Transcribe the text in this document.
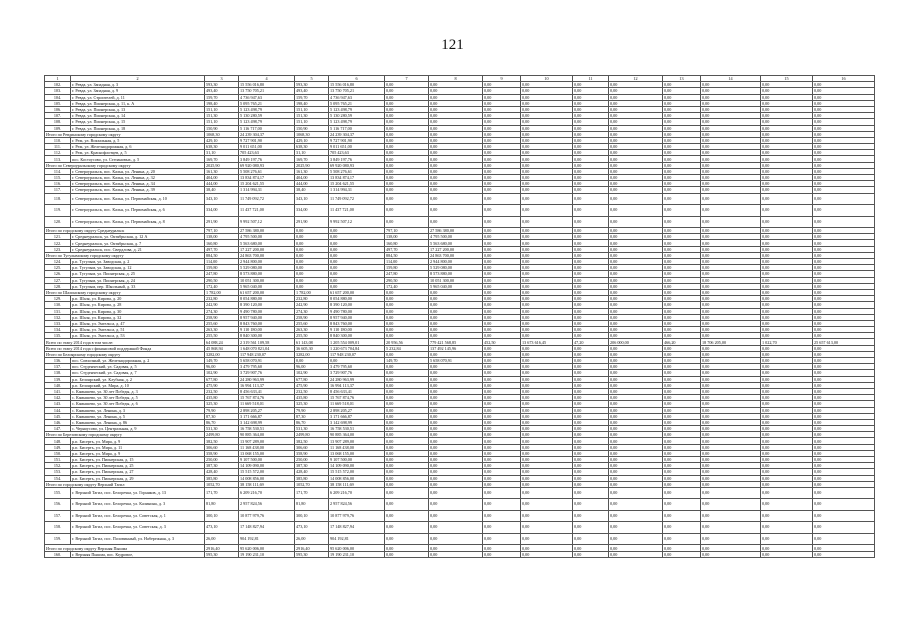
121
1	2	3	4	5	6	7	8	9	10	11	12	13	14	15	16
102.	г. Ревда, ул. Западная, д. 3	593,30	15 556 016,80	593,30	15 556 016,80	0,00	0,00	0,00	0,00	0,00	0,00	0,00	0,00	0,00	0,00
103.	г. Ревда, ул. Западная, д. 9	493,40	13 750 705,21	493,40	13 750 705,21	0,00	0,00	0,00	0,00	0,00	0,00	0,00	0,00	0,00	0,00
104.	г. Ревда, ул. Строителей, д. 11	159,70	4 736 947,63	159,70	4 736 947,63	0,00	0,00	0,00	0,00	0,00	0,00	0,00	0,00	0,00	0,00
105.	г. Ревда, ул. Пионерская, д. 11, к. А	198,40	5 095 765,21	198,40	5 095 765,21	0,00	0,00	0,00	0,00	0,00	0,00	0,00	0,00	0,00	0,00
106.	г. Ревда, ул. Пионерская, д. 13	151,10	5 123 498,79	151,10	5 123 498,79	0,00	0,00	0,00	0,00	0,00	0,00	0,00	0,00	0,00	0,00
107.	г. Ревда, ул. Пионерская, д. 14	151,30	5 130 280,59	151,30	5 130 280,59	0,00	0,00	0,00	0,00	0,00	0,00	0,00	0,00	0,00	0,00
108.	г. Ревда, ул. Пионерская, д. 15	151,10	5 123 498,79	151,10	5 123 498,79	0,00	0,00	0,00	0,00	0,00	0,00	0,00	0,00	0,00	0,00
109.	г. Ревда, ул. Пионерская, д. 18	150,90	5 116 717,00	150,90	5 116 717,00	0,00	0,00	0,00	0,00	0,00	0,00	0,00	0,00	0,00	0,00
Итого по Ревдинскому городскому округу		1068,30	24 239 304,37	1068,30	24 239 304,37	0,00	0,00	0,00	0,00	0,00	0,00	0,00	0,00	0,00	0,00
110.	г. Реж, ул. Вокзальная, д. 5	429,10	9 727 901,90	429,10	9 727 901,90	0,00	0,00	0,00	0,00	0,00	0,00	0,00	0,00	0,00	0,00
111.	г. Реж, ул. Железнодорожная, д. 6	638,30	9 011 651,00	638,30	9 011 651,00	0,00	0,00	0,00	0,00	0,00	0,00	0,00	0,00	0,00	0,00
112.	г. Реж, ул. Краснофлотцев, д. 5	31,10	705 423,63	31,10	705 423,63	0,00	0,00	0,00	0,00	0,00	0,00	0,00	0,00	0,00	0,00
113.	пос. Костоусово, ул. Степановых, д. 5	169,70	3 849 197,76	169,70	3 849 197,76	0,00	0,00	0,00	0,00	0,00	0,00	0,00	0,00	0,00	0,00
Итого по Североуральскому городскому округу		2025,90	69 920 080,93	2025,90	69 920 080,93	0,00	0,00	0,00	0,00	0,00	0,00	0,00	0,00	0,00	0,00
114.	г. Североуральск, пос. Калья, ул. Ленина, д. 20	161,30	5 508 276,61	161,30	5 508 276,61	0,00	0,00	0,00	0,00	0,00	0,00	0,00	0,00	0,00	0,00
115.	г. Североуральск, пос. Калья, ул. Ленина, д. 32	404,00	13 834 874,17	404,00	13 834 874,17	0,00	0,00	0,00	0,00	0,00	0,00	0,00	0,00	0,00	0,00
116.	г. Североуральск, пос. Калья, ул. Ленина, д. 34	444,00	15 204 621,55	444,00	15 204 621,55	0,00	0,00	0,00	0,00	0,00	0,00	0,00	0,00	0,00	0,00
117.	г. Североуральск, пос. Калья, ул. Ленина, д. 39	38,40	1 314 994,31	38,40	1 314 994,31	0,00	0,00	0,00	0,00	0,00	0,00	0,00	0,00	0,00	0,00
118.	г. Североуральск, пос. Калья, ул. Первомайская, д. 10	343,10	11 749 092,72	343,10	11 749 092,72	0,00	0,00	0,00	0,00	0,00	0,00	0,00	0,00	0,00	0,00
119.	г. Североуральск, пос. Калья, ул. Первомайская, д. 6	334,00	11 437 721,00	334,00	11 437 721,00	0,00	0,00	0,00	0,00	0,00	0,00	0,00	0,00	0,00	0,00
120.	г. Североуральск, пос. Калья, ул. Первомайская, д. 8	291,90	9 992 507,12	291,90	9 992 507,12	0,00	0,00	0,00	0,00	0,00	0,00	0,00	0,00	0,00	0,00
Итого по городскому округу Среднеуральск		797,10	27 586 380,00	0,00	0,00	797,10	27 586 380,00	0,00	0,00	0,00	0,00	0,00	0,00	0,00	0,00
121.	г. Среднеуральск, ул. Октябрьская, д. 12 А	138,00	4 795 500,00	0,00	0,00	138,00	4 795 500,00	0,00	0,00	0,00	0,00	0,00	0,00	0,00	0,00
122.	г. Среднеуральск, ул. Октябрьская, д. 7	160,80	5 563 680,00	0,00	0,00	160,80	5 563 680,00	0,00	0,00	0,00	0,00	0,00	0,00	0,00	0,00
123.	г. Среднеуральск, пос. Свердлова, д. 21	497,70	17 227 200,00	0,00	0,00	497,70	17 227 200,00	0,00	0,00	0,00	0,00	0,00	0,00	0,00	0,00
Итого по Тугулымскому городскому округу		884,50	24 863 700,00	0,00	0,00	884,50	24 863 700,00	0,00	0,00	0,00	0,00	0,00	0,00	0,00	0,00
124.	р.п. Тугулым, ул. Заводская, д. 2	114,00	2 944 800,00	0,00	0,00	114,00	2 944 800,00	0,00	0,00	0,00	0,00	0,00	0,00	0,00	0,00
125.	р.п. Тугулым, ул. Заводская, д. 12	159,80	5 529 080,00	0,00	0,00	159,80	5 529 080,00	0,00	0,00	0,00	0,00	0,00	0,00	0,00	0,00
126.	р.п. Тугулым, ул. Пионерская, д. 25	247,80	8 573 880,00	0,00	0,00	247,80	8 573 880,00	0,00	0,00	0,00	0,00	0,00	0,00	0,00	0,00
127.	р.п. Тугулым, ул. Пионерская, д. 24	290,50	10 051 300,00	0,00	0,00	290,50	10 051 300,00	0,00	0,00	0,00	0,00	0,00	0,00	0,00	0,00
128.	р.п. Тугулым, пер. Школьный, д. 33	172,40	5 965 040,00	0,00	0,00	172,40	5 965 040,00	0,00	0,00	0,00	0,00	0,00	0,00	0,00	0,00
Итого по Шалинскому городскому округу		1 782,00	61 657 200,00	1 782,00	61 657 200,00	0,00	0,00	0,00	0,00	0,00	0,00	0,00	0,00	0,00	0,00
129.	р.п. Шаля, ул. Кирова, д. 20	232,80	8 054 880,00	232,80	8 054 880,00	0,00	0,00	0,00	0,00	0,00	0,00	0,00	0,00	0,00	0,00
130.	р.п. Шаля, ул. Кирова, д. 28	242,90	8 390 120,00	242,90	8 390 120,00	0,00	0,00	0,00	0,00	0,00	0,00	0,00	0,00	0,00	0,00
131.	р.п. Шаля, ул. Кирова, д. 30	274,30	9 490 780,00	274,30	9 490 780,00	0,00	0,00	0,00	0,00	0,00	0,00	0,00	0,00	0,00	0,00
132.	р.п. Шаля, ул. Кирова, д. 32	258,90	8 957 940,00	258,90	8 957 940,00	0,00	0,00	0,00	0,00	0,00	0,00	0,00	0,00	0,00	0,00
133.	р.п. Шаля, ул. Энгельса, д. 47	255,60	8 843 760,00	255,60	8 843 760,00	0,00	0,00	0,00	0,00	0,00	0,00	0,00	0,00	0,00	0,00
134.	р.п. Шаля, ул. Энгельса, д. 51	263,30	9 110 180,00	263,30	9 110 180,00	0,00	0,00	0,00	0,00	0,00	0,00	0,00	0,00	0,00	0,00
135.	р.п. Шаля, ул. Энгельса, д. 53	255,50	8 840 300,00	255,50	8 840 300,00	0,00	0,00	0,00	0,00	0,00	0,00	0,00	0,00	0,00	0,00
Всего по этапу 2014 года в том числе:		64 088,24	2 319 561 109,58	61 143,08	1 205 554 009,01	20 956,56	779 421 568,85	452,50	13 673 616,45	47,20	206 000,00	466,20	18 706 205,00	1 022,70	25 657 613,00
Всего по этапу 2014 года с финансовой поддержкой Фонда		45 868,94	1 648 070 821,04	36 605,30	1 220 673 704,84	5 232,84	137 492 145,96	0,00	0,00	0,00	0,00	0,00	0,00	0,00	0,00
Итого по Белоярскому городскому округу		3282,00	117 948 230,07	3282,00	117 948 230,07	0,00	0,00	0,00	0,00	0,00	0,00	0,00	0,00	0,00	0,00
136.	пос. Совхозный, ул. Железнодорожная, д. 2	149,70	5 658 070,91	0,00	0,00	149,70	5 658 070,91	0,00	0,00	0,00	0,00	0,00	0,00	0,00	0,00
137.	пос. Студенческий, ул. Садовая, д. 5	96,00	3 479 795,60	96,00	3 479 795,60	0,00	0,00	0,00	0,00	0,00	0,00	0,00	0,00	0,00	0,00
138.	пос. Студенческий, ул. Садовая, д. 7	102,90	3 729 907,76	102,90	3 729 907,76	0,00	0,00	0,00	0,00	0,00	0,00	0,00	0,00	0,00	0,00
139.	р.п. Белоярский, ул. Клубная, д. 2	677,80	24 280 963,99	677,80	24 280 963,99	0,00	0,00	0,00	0,00	0,00	0,00	0,00	0,00	0,00	0,00
140.	р.п. Белоярский, ул. Мира, д. 10	475,90	16 994 113,37	475,90	16 994 113,37	0,00	0,00	0,00	0,00	0,00	0,00	0,00	0,00	0,00	0,00
141.	с. Камышево, ул. 30 лет Победы, д. 3	232,50	8 456 633,41	232,50	8 456 633,41	0,00	0,00	0,00	0,00	0,00	0,00	0,00	0,00	0,00	0,00
142.	с. Камышево, ул. 30 лет Победы, д. 5	435,80	15 767 874,76	435,80	15 767 874,76	0,00	0,00	0,00	0,00	0,00	0,00	0,00	0,00	0,00	0,00
143.	с. Камышево, ул. 30 лет Победы, д. 6	325,30	11 669 518,01	325,30	11 669 518,01	0,00	0,00	0,00	0,00	0,00	0,00	0,00	0,00	0,00	0,00
144.	с. Камышево, ул. Ленина, д. 3	79,90	2 898 205,27	79,90	2 898 205,27	0,00	0,00	0,00	0,00	0,00	0,00	0,00	0,00	0,00	0,00
145.	с. Камышево, ул. Ленина, д. 5	87,30	3 171 666,87	87,30	3 171 666,87	0,00	0,00	0,00	0,00	0,00	0,00	0,00	0,00	0,00	0,00
146.	с. Камышево, ул. Ленина, д. 86	86,70	3 142 698,99	86,70	3 142 698,99	0,00	0,00	0,00	0,00	0,00	0,00	0,00	0,00	0,00	0,00
147.	с. Черноусово, ул. Центральная, д. 9	531,30	16 758 530,51	531,30	16 758 530,51	0,00	0,00	0,00	0,00	0,00	0,00	0,00	0,00	0,00	0,00
Итого по Березовскому городскому округу		2499,80	90 885 364,00	2499,80	90 885 364,00	0,00	0,00	0,00	0,00	0,00	0,00	0,00	0,00	0,00	0,00
148.	р.п. Бисерть, ул. Мира, д. 9	382,50	13 907 289,00	382,50	13 907 289,00	0,00	0,00	0,00	0,00	0,00	0,00	0,00	0,00	0,00	0,00
149.	р.п. Бисерть, ул. Мира, д. 11	306,60	11 168 438,00	306,60	11 168 438,00	0,00	0,00	0,00	0,00	0,00	0,00	0,00	0,00	0,00	0,00
150.	р.п. Бисерть, ул. Мира, д. 9	358,90	13 068 155,00	358,90	13 068 155,00	0,00	0,00	0,00	0,00	0,00	0,00	0,00	0,00	0,00	0,00
151.	р.п. Бисерть, ул. Пионерская, д. 15	250,00	9 107 500,00	250,00	9 107 500,00	0,00	0,00	0,00	0,00	0,00	0,00	0,00	0,00	0,00	0,00
152.	р.п. Бисерть, ул. Пионерская, д. 25	387,30	14 109 090,00	387,30	14 109 090,00	0,00	0,00	0,00	0,00	0,00	0,00	0,00	0,00	0,00	0,00
153.	р.п. Бисерть, ул. Пионерская, д. 27	428,40	15 515 572,00	428,40	15 515 572,00	0,00	0,00	0,00	0,00	0,00	0,00	0,00	0,00	0,00	0,00
154.	р.п. Бисерть, ул. Пионерская, д. 29	385,80	14 008 856,00	385,80	14 008 856,00	0,00	0,00	0,00	0,00	0,00	0,00	0,00	0,00	0,00	0,00
Итого по городскому округу Верхний Тагил		1052,70	38 158 111,69	1052,70	38 158 111,69	0,00	0,00	0,00	0,00	0,00	0,00	0,00	0,00	0,00	0,00
155.	г. Верхний Тагил, пос. Белоречка, ул. Горняков, д. 13	171,70	6 209 216,70	171,70	6 209 216,70	0,00	0,00	0,00	0,00	0,00	0,00	0,00	0,00	0,00	0,00
156.	г. Верхний Тагил, пос. Белоречка, ул. Калинина, д. 3	81,80	2 957 824,56	81,80	2 957 824,56	0,00	0,00	0,00	0,00	0,00	0,00	0,00	0,00	0,00	0,00
157.	г. Верхний Тагил, пос. Белоречка, ул. Советская, д. 1	300,10	10 877 979,76	300,10	10 877 979,76	0,00	0,00	0,00	0,00	0,00	0,00	0,00	0,00	0,00	0,00
158.	г. Верхний Тагил, пос. Белоречка, ул. Советская, д. 3	473,10	17 148 827,94	473,10	17 148 827,94	0,00	0,00	0,00	0,00	0,00	0,00	0,00	0,00	0,00	0,00
159.	г. Верхний Тагил, пос. Половинный, ул. Набережная, д. 3	26,00	904 192,81	26,00	904 192,81	0,00	0,00	0,00	0,00	0,00	0,00	0,00	0,00	0,00	0,00
Итого по городскому округу Верхняя Пышма		2916,40	95 620 006,00	2916,40	95 620 006,00	0,00	0,00	0,00	0,00	0,00	0,00	0,00	0,00	0,00	0,00
160.	г. Верхняя Пышма, пос. Кедровое,	595,30	19 190 231,10	595,30	19 190 231,10	0,00	0,00	0,00	0,00	0,00	0,00	0,00	0,00	0,00	0,00
